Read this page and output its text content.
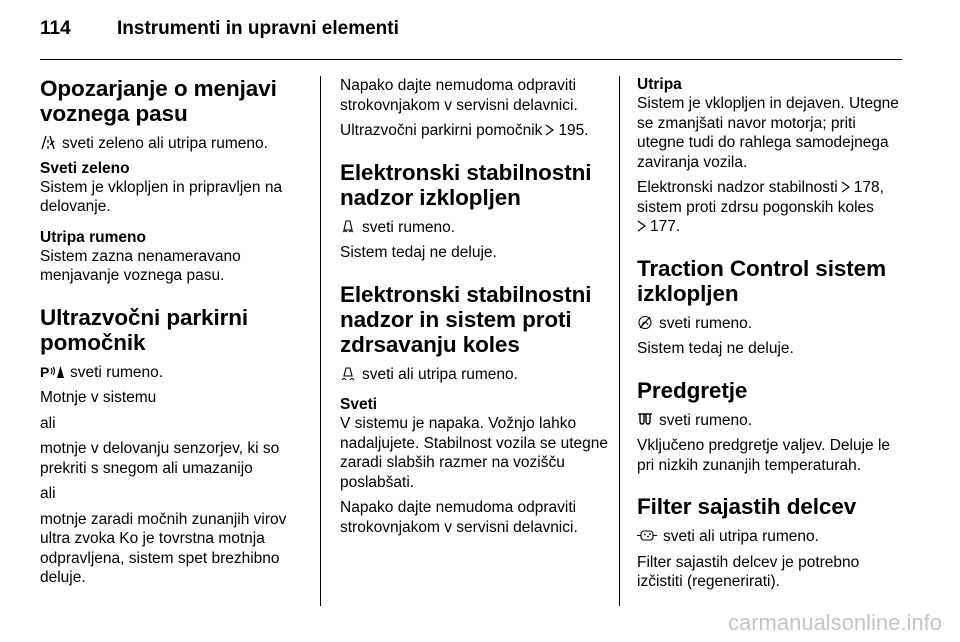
114 Instrumenti in upravni elementi
Opozarjanje o menjavi voznega pasu

sveti zeleno ali utripa rumeno.

Sveti zeleno

Sistem je vklopljen in pripravljen na delovanje.

Utripa rumeno

Sistem zazna nenameravano menjavanje voznega pasu.

Ultrazvočni parkirni pomočnik

P sveti rumeno.

Motnje v sistemu

ali

motnje v delovanju senzorjev, ki so prekriti s snegom ali umazanijo

ali

motnje zaradi močnih zunanjih virov ultra zvoka Ko je tovrstna motnja odpravljena, sistem spet brezhibno deluje.

Napako dajte nemudoma odpraviti strokovnjakom v servisni delavnici.

Ultrazvočni parkirni pomočnik 195.

Elektronski stabilnostni nadzor izklopljen

sveti rumeno.

Sistem tedaj ne deluje.

Elektronski stabilnostni nadzor in sistem proti zdrsavanju koles

sveti ali utripa rumeno.

Sveti

V sistemu je napaka. Vožnjo lahko nadaljujete. Stabilnost vozila se utegne zaradi slabših razmer na vozišču poslabšati.

Napako dajte nemudoma odpraviti strokovnjakom v servisni delavnici.

Utripa

Sistem je vklopljen in dejaven. Utegne se zmanjšati navor motorja; priti utegne tudi do rahlega samodejnega zaviranja vozila.

Elektronski nadzor stabilnosti 178, sistem proti zdrsu pogonskih koles
177.

Traction Control sistem izklopljen

sveti rumeno.

Sistem tedaj ne deluje.

Predgretje

sveti rumeno.

Vključeno predgretje valjev. Deluje le pri nizkih zunanjih temperaturah.

Filter sajastih delcev

sveti ali utripa rumeno.

Filter sajastih delcev je potrebno izčistiti (regenerirati).

carmanualsonline.info
